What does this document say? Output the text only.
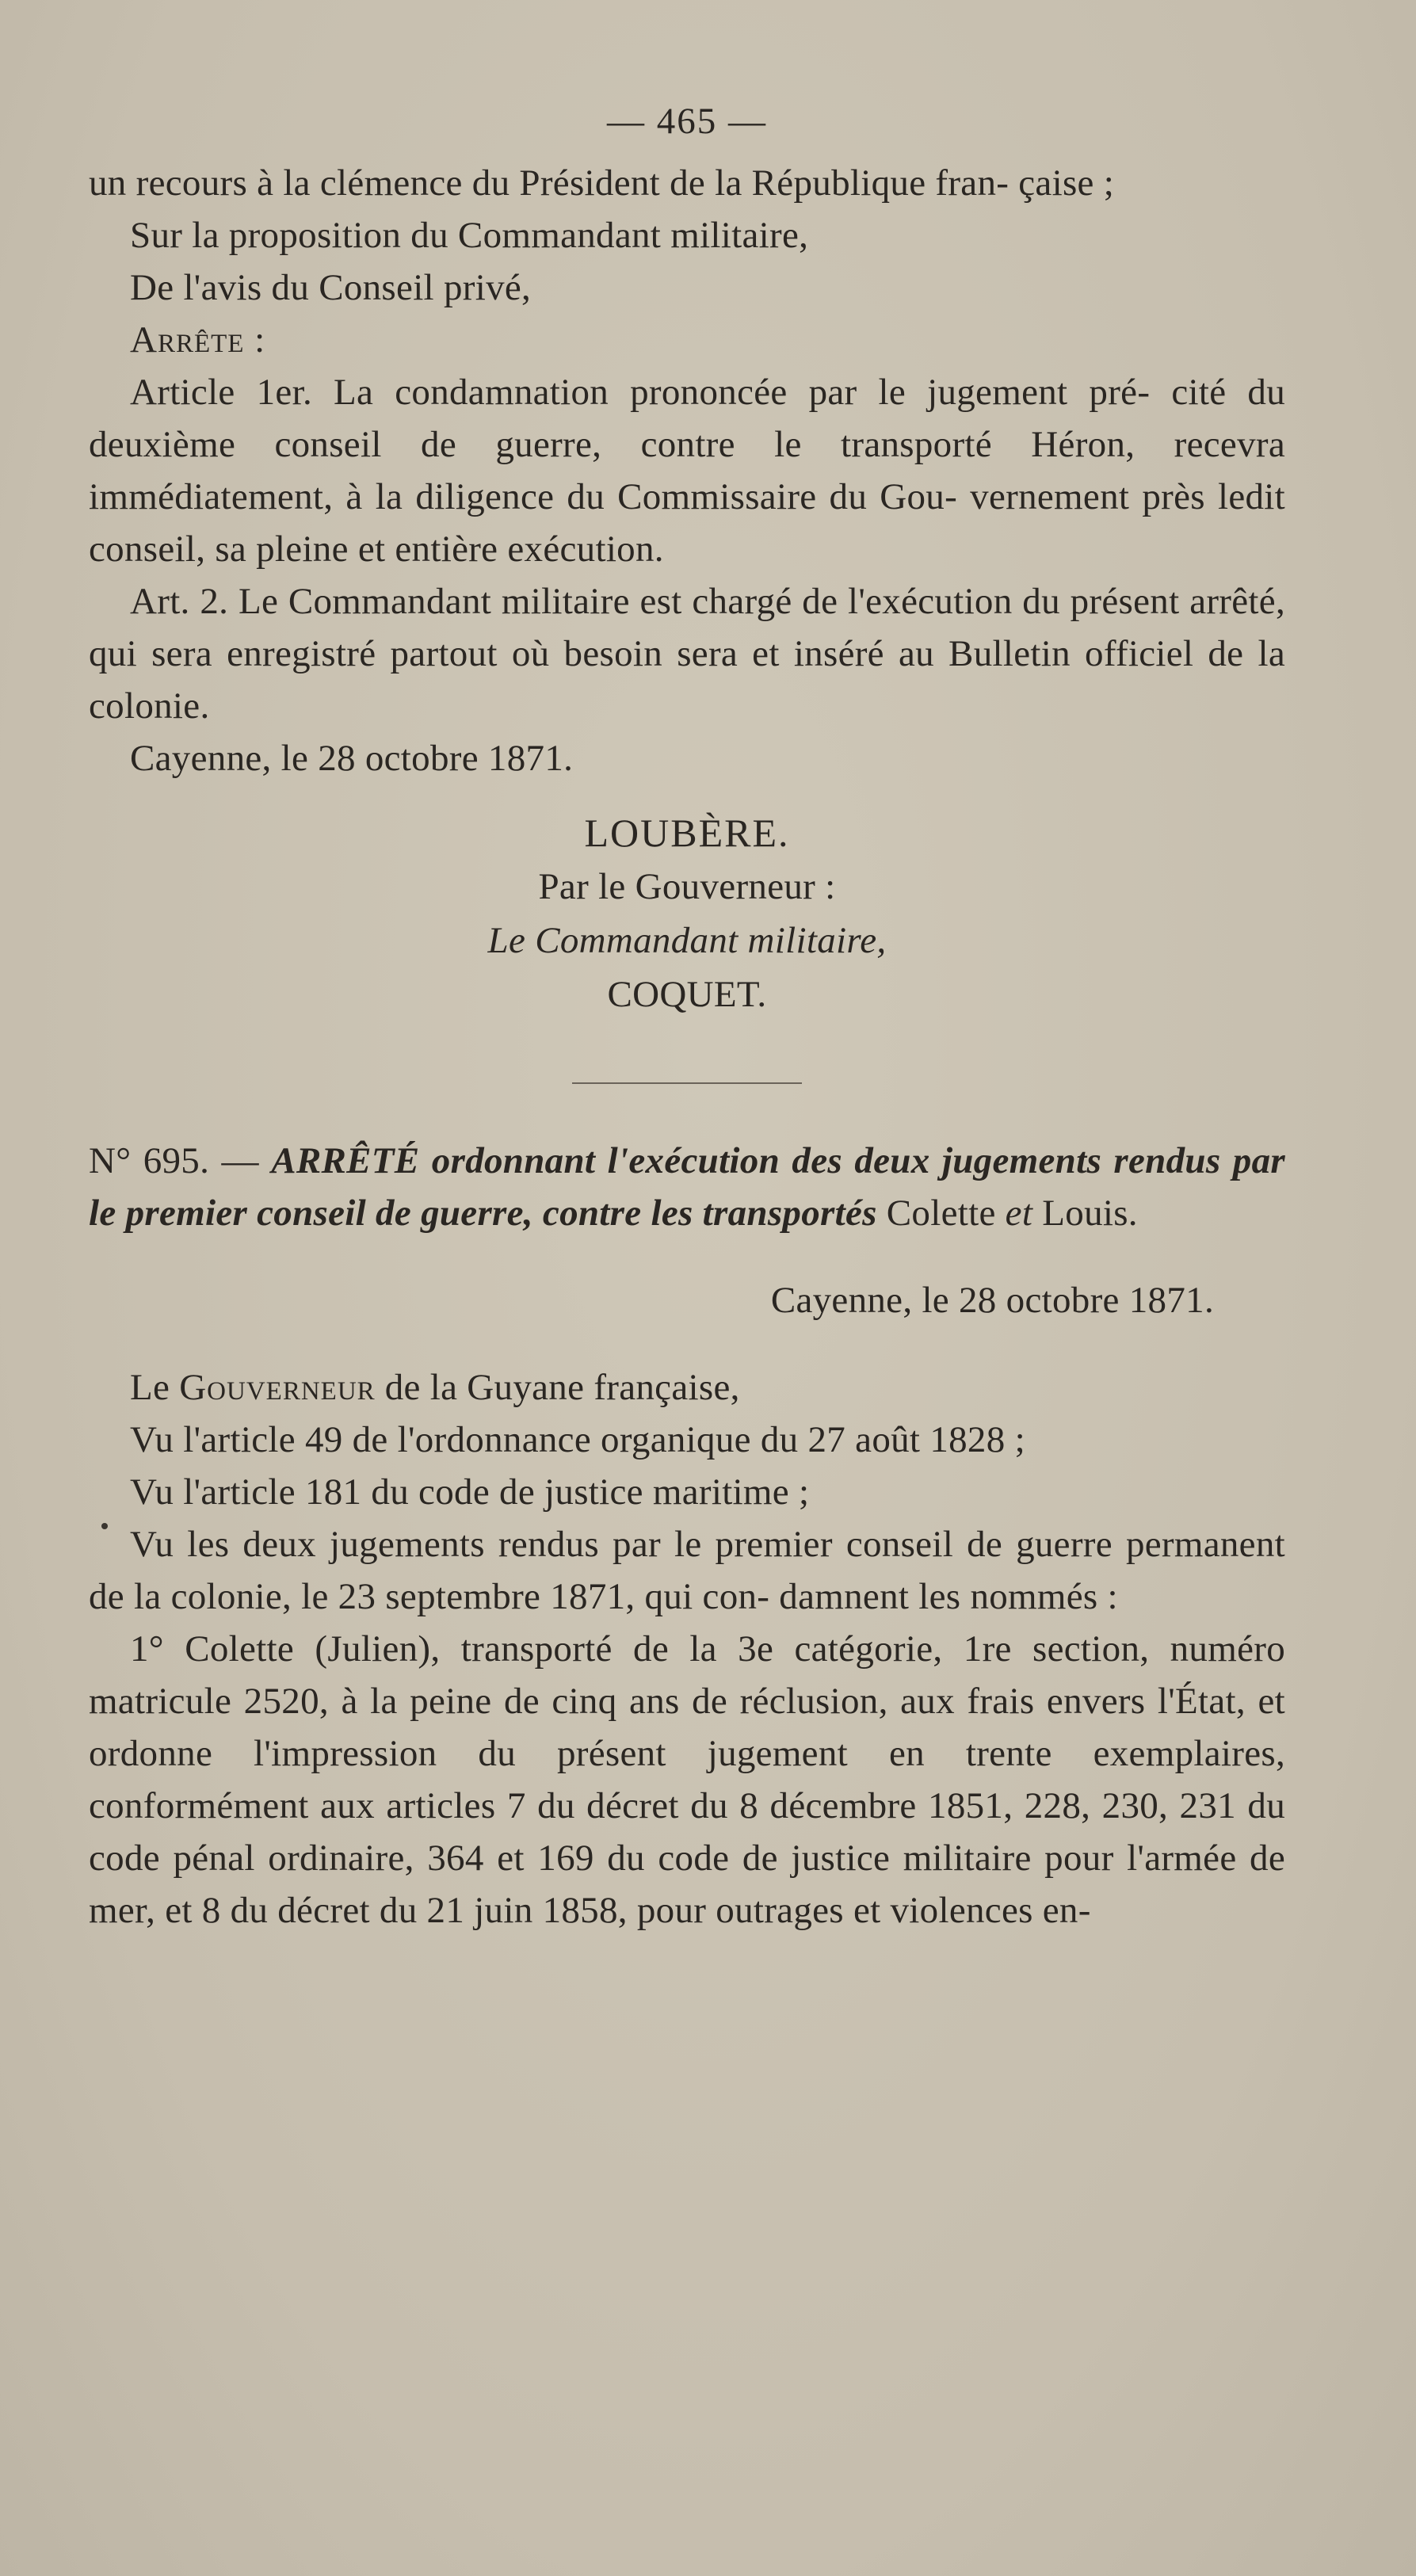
— 465 —

un recours à la clémence du Président de la République fran- çaise ;

Sur la proposition du Commandant militaire,

De l'avis du Conseil privé,

Arrête :

Article 1er. La condamnation prononcée par le jugement pré- cité du deuxième conseil de guerre, contre le transporté Héron, recevra immédiatement, à la diligence du Commissaire du Gou- vernement près ledit conseil, sa pleine et entière exécution.

Art. 2. Le Commandant militaire est chargé de l'exécution du présent arrêté, qui sera enregistré partout où besoin sera et inséré au Bulletin officiel de la colonie.

Cayenne, le 28 octobre 1871.

LOUBÈRE.
Par le Gouverneur :
Le Commandant militaire,
COQUET.

N° 695. — ARRÊTÉ ordonnant l'exécution des deux jugements rendus par le premier conseil de guerre, contre les transportés Colette et Louis.

Cayenne, le 28 octobre 1871.

Le Gouverneur de la Guyane française,

Vu l'article 49 de l'ordonnance organique du 27 août 1828 ;

Vu l'article 181 du code de justice maritime ;

Vu les deux jugements rendus par le premier conseil de guerre permanent de la colonie, le 23 septembre 1871, qui con- damnent les nommés :

1° Colette (Julien), transporté de la 3e catégorie, 1re section, numéro matricule 2520, à la peine de cinq ans de réclusion, aux frais envers l'État, et ordonne l'impression du présent jugement en trente exemplaires, conformément aux articles 7 du décret du 8 décembre 1851, 228, 230, 231 du code pénal ordinaire, 364 et 169 du code de justice militaire pour l'armée de mer, et 8 du décret du 21 juin 1858, pour outrages et violences en-
